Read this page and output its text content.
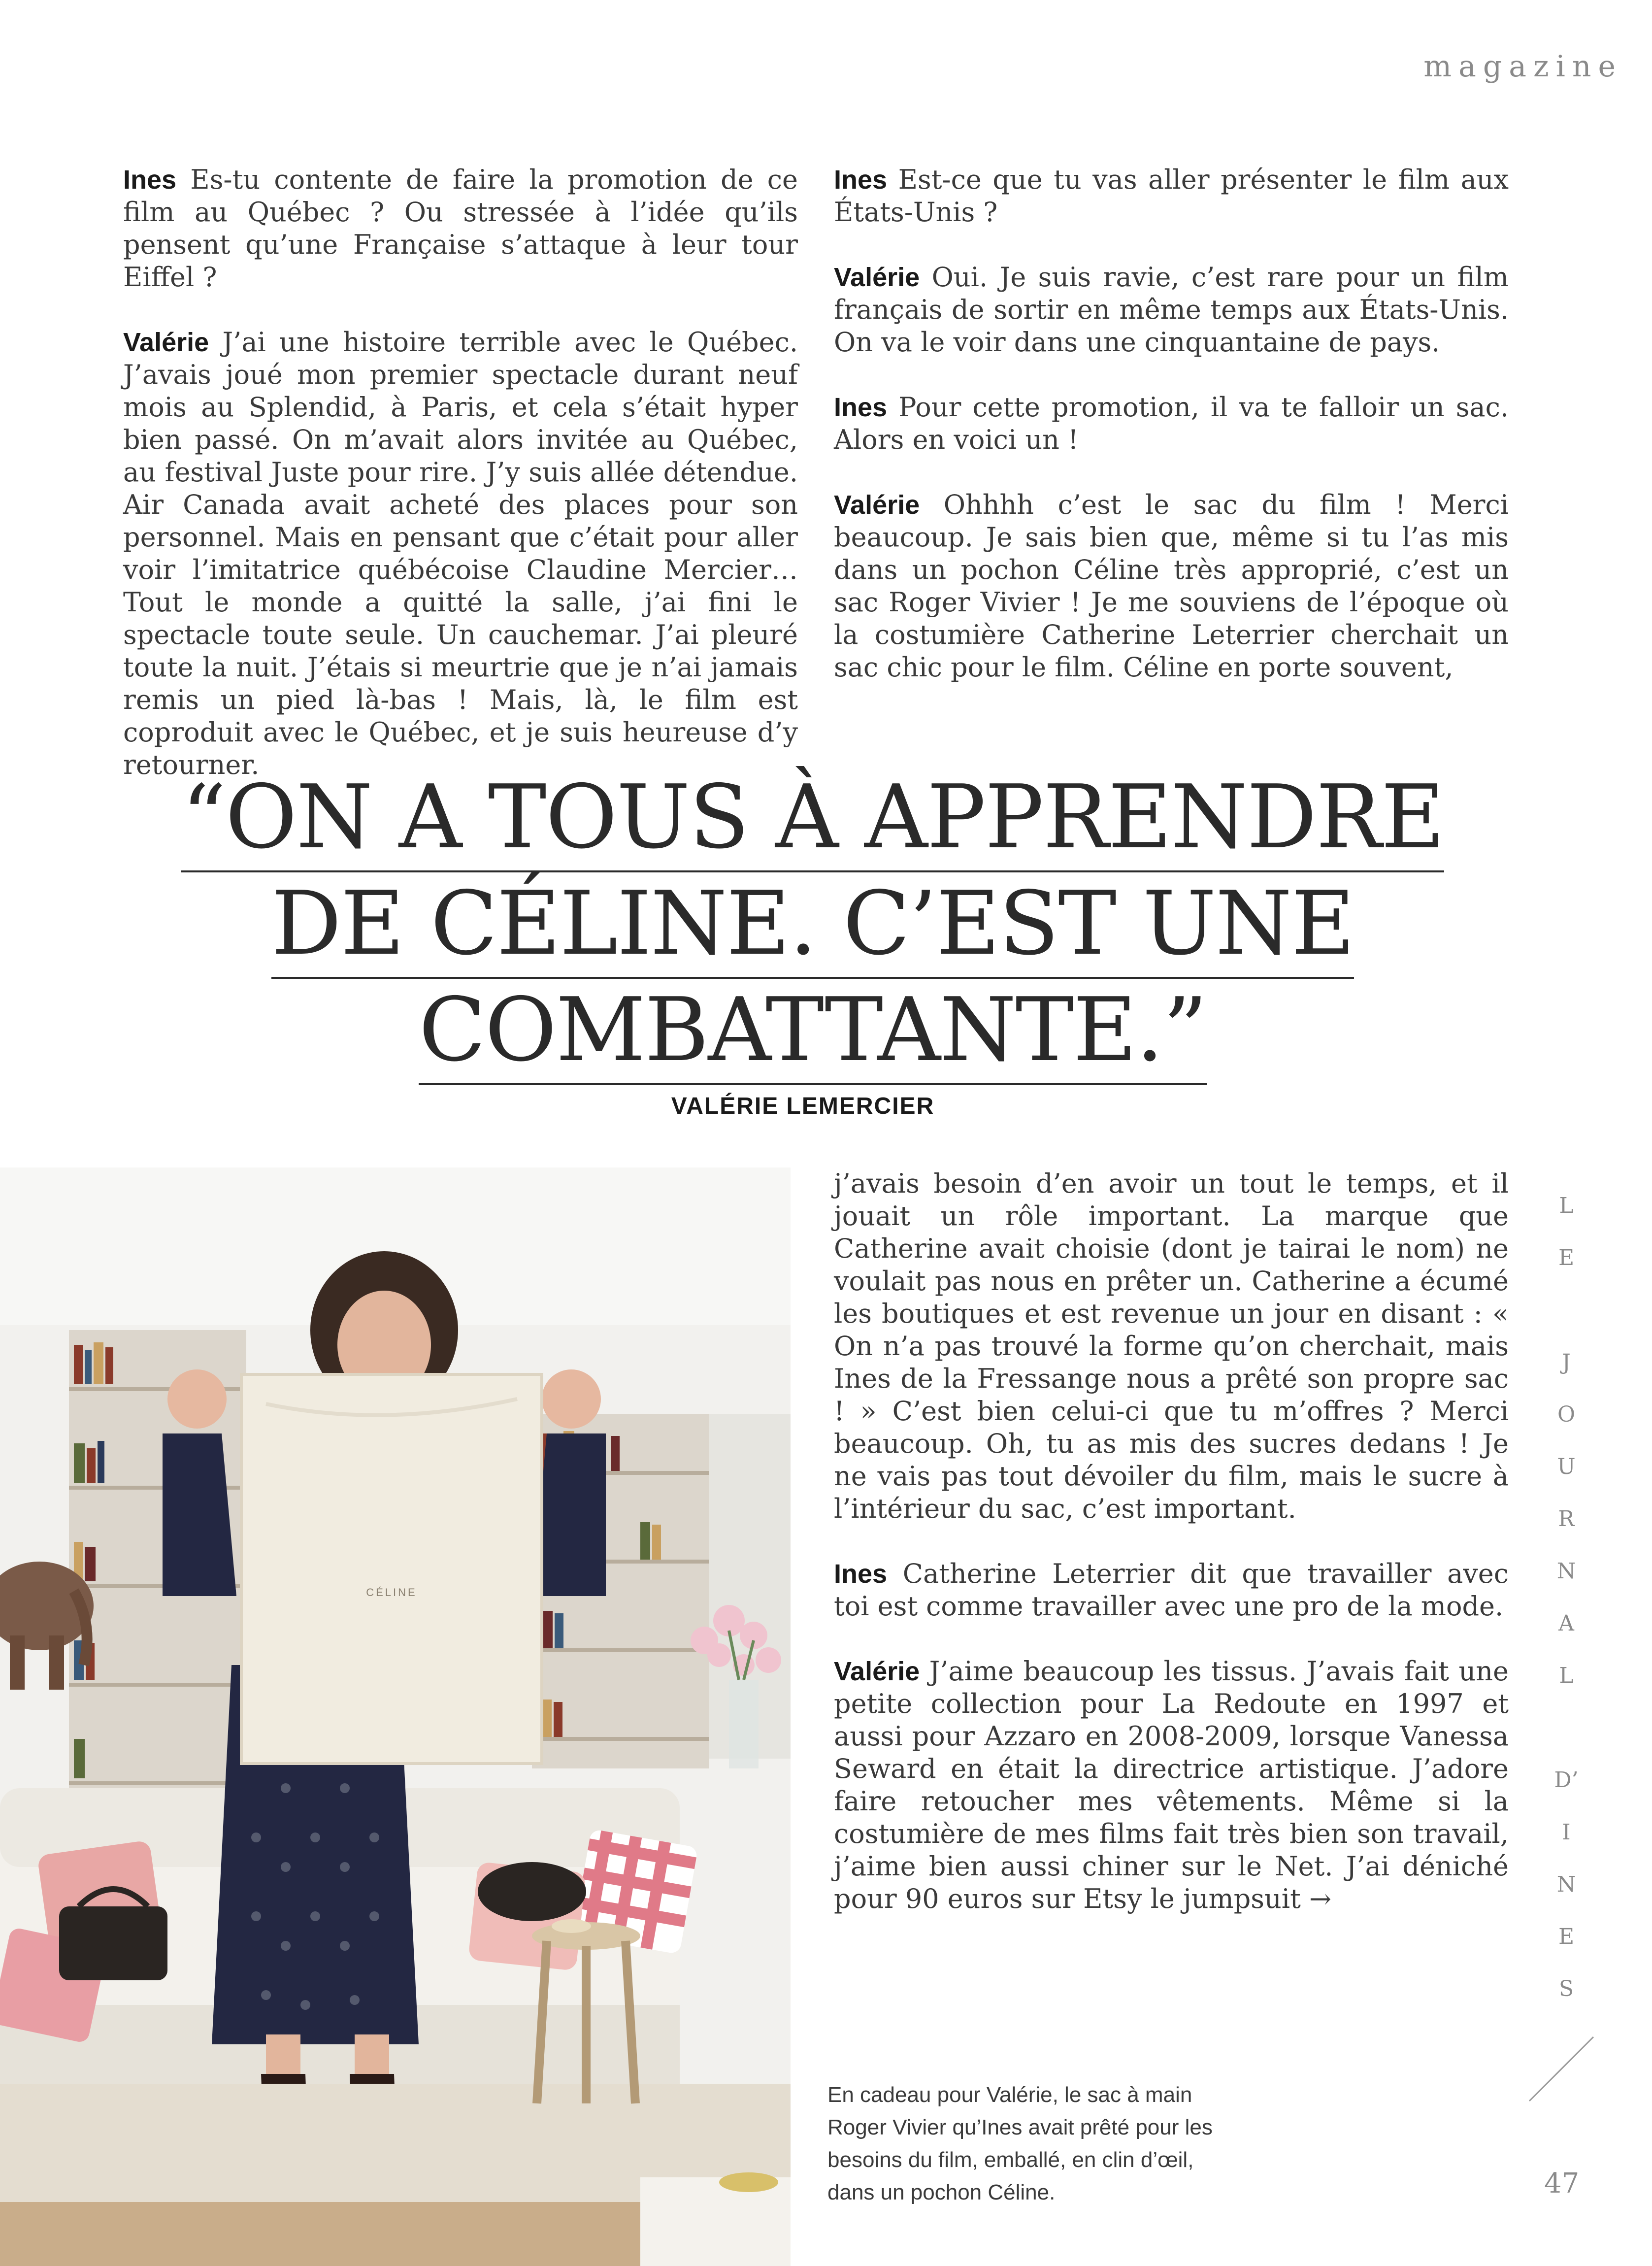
magazine

Ines Es-tu contente de faire la promotion de ce film au Québec ? Ou stressée à l’idée qu’ils pensent qu’une Française s’attaque à leur tour Eiffel ?

Valérie J’ai une histoire terrible avec le Québec. J’avais joué mon premier spectacle durant neuf mois au Splendid, à Paris, et cela s’était hyper bien passé. On m’avait alors invitée au Québec, au festival Juste pour rire. J’y suis allée détendue. Air Canada avait acheté des places pour son personnel. Mais en pensant que c’était pour aller voir l’imitatrice québécoise Claudine Mercier… Tout le monde a quitté la salle, j’ai fini le spectacle toute seule. Un cauchemar. J’ai pleuré toute la nuit. J’étais si meurtrie que je n’ai jamais remis un pied là-bas ! Mais, là, le film est coproduit avec le Québec, et je suis heureuse d’y retourner.

Ines Est-ce que tu vas aller présenter le film aux États-Unis ?

Valérie Oui. Je suis ravie, c’est rare pour un film français de sortir en même temps aux États-Unis. On va le voir dans une cinquantaine de pays.

Ines Pour cette promotion, il va te falloir un sac. Alors en voici un !

Valérie Ohhhh c’est le sac du film ! Merci beaucoup. Je sais bien que, même si tu l’as mis dans un pochon Céline très approprié, c’est un sac Roger Vivier ! Je me souviens de l’époque où la costumière Catherine Leterrier cherchait un sac chic pour le film. Céline en porte souvent,

“ON A TOUS À APPRENDRE
DE CÉLINE. C’EST UNE
COMBATTANTE.”
VALÉRIE LEMERCIER
CÉLINE

j’avais besoin d’en avoir un tout le temps, et il jouait un rôle important. La marque que Catherine avait choisie (dont je tairai le nom) ne voulait pas nous en prêter un. Catherine a écumé les boutiques et est revenue un jour en disant : « On n’a pas trouvé la forme qu’on cherchait, mais Ines de la Fressange nous a prêté son propre sac ! » C’est bien celui-ci que tu m’offres ? Merci beaucoup. Oh, tu as mis des sucres dedans ! Je ne vais pas tout dévoiler du film, mais le sucre à l’intérieur du sac, c’est important.

Ines Catherine Leterrier dit que travailler avec toi est comme travailler avec une pro de la mode.

Valérie J’aime beaucoup les tissus. J’avais fait une petite collection pour La Redoute en 1997 et aussi pour Azzaro en 2008-2009, lorsque Vanessa Seward en était la directrice artistique. J’adore faire retoucher mes vêtements. Même si la costumière de mes films fait très bien son travail, j’aime bien aussi chiner sur le Net. J’ai déniché pour 90 euros sur Etsy le jumpsuit →

En cadeau pour Valérie, le sac à main Roger Vivier qu’Ines avait prêté pour les besoins du film, emballé, en clin d’œil, dans un pochon Céline.
L
E
J
O
U
R
N
A
L
D’
I
N
E
S
47
